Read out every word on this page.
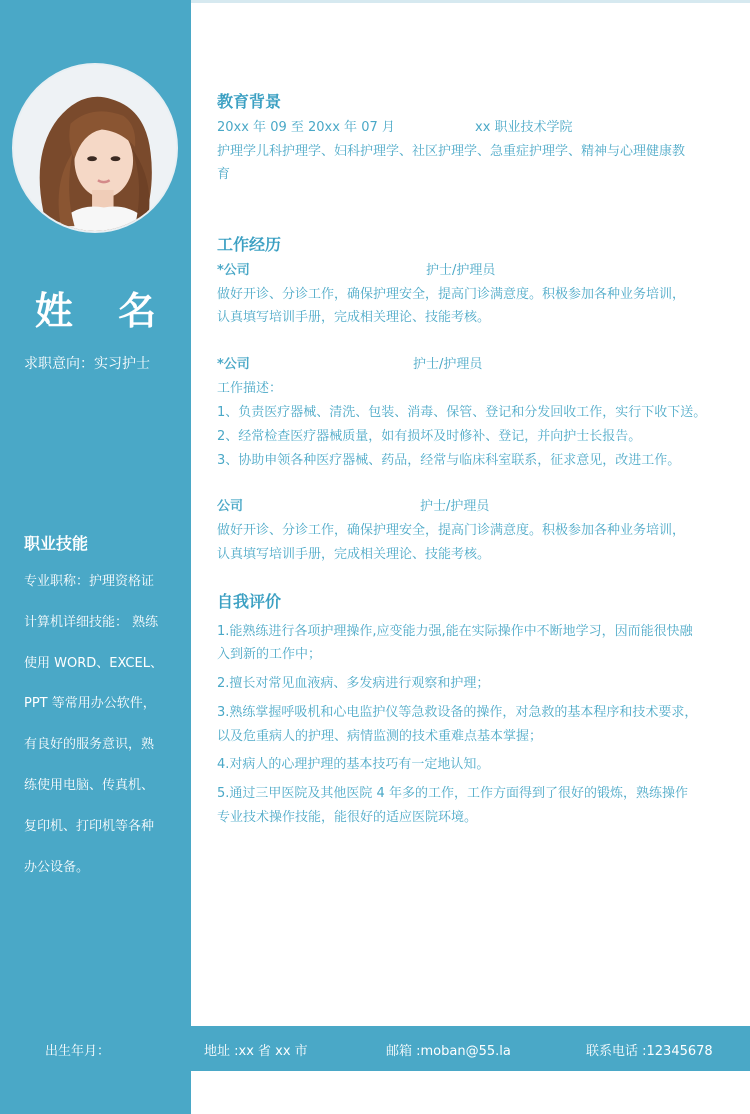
姓 名
求职意向：实习护士
职业技能
专业职称：护理资格证
计算机详细技能： 熟练
使用 WORD、EXCEL、
PPT 等常用办公软件，
有良好的服务意识，熟
练使用电脑、传真机、
复印机、打印机等各种
办公设备。
教育背景
20xx 年 09 至 20xx 年 07 月	xx 职业技术学院
护理学儿科护理学、妇科护理学、社区护理学、急重症护理学、精神与心理健康教
育
工作经历
*公司	护士/护理员
做好开诊、分诊工作，确保护理安全，提高门诊满意度。积极参加各种业务培训，
认真填写培训手册，完成相关理论、技能考核。
*公司	护士/护理员
工作描述：
1、负责医疗器械、清洗、包装、消毒、保管、登记和分发回收工作，实行下收下送。
2、经常检查医疗器械质量，如有损坏及时修补、登记，并向护士长报告。
3、协助申领各种医疗器械、药品，经常与临床科室联系，征求意见，改进工作。
公司	护士/护理员
做好开诊、分诊工作，确保护理安全，提高门诊满意度。积极参加各种业务培训，
认真填写培训手册，完成相关理论、技能考核。
自我评价
1.能熟练进行各项护理操作,应变能力强,能在实际操作中不断地学习，因而能很快融
入到新的工作中；
2.擅长对常见血液病、多发病进行观察和护理；
3.熟练掌握呼吸机和心电监护仪等急救设备的操作，对急救的基本程序和技术要求，
以及危重病人的护理、病情监测的技术重难点基本掌握；
4.对病人的心理护理的基本技巧有一定地认知。
5.通过三甲医院及其他医院 4 年多的工作，工作方面得到了很好的锻炼，熟练操作
专业技术操作技能，能很好的适应医院环境。
出生年月：	地址 :xx 省 xx 市	邮箱 :moban@55.la	联系电话 :12345678
